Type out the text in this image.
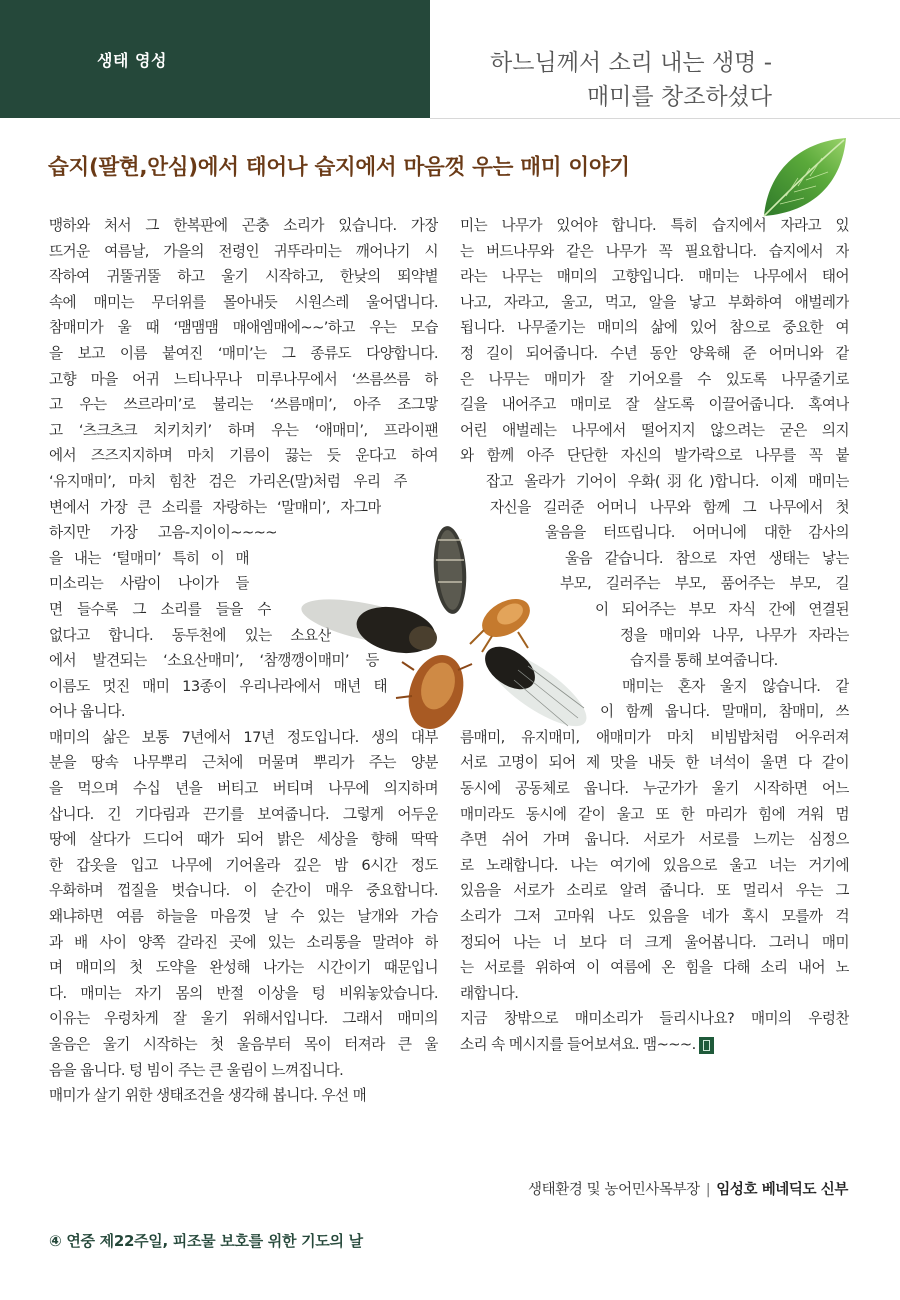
생태 영성	하느님께서 소리 내는 생명 -
매미를 창조하셨다
습지(팔현,안심)에서 태어나 습지에서 마음껏 우는 매미 이야기
맹하와 처서 그 한복판에 곤충 소리가 있습니다. 가장
뜨거운 여름날, 가을의 전령인 귀뚜라미는 깨어나기 시
작하여 귀뚤귀뚤 하고 울기 시작하고, 한낮의 뙤약볕
속에 매미는 무더위를 몰아내듯 시원스레 울어댑니다.
참매미가 울 때 ‘맴맴맴 매애엠매에~~’하고 우는 모습
을 보고 이름 붙여진 ‘매미’는 그 종류도 다양합니다.
고향 마을 어귀 느티나무나 미루나무에서 ‘쓰름쓰름 하
고 우는 쓰르라미’로 불리는 ‘쓰름매미’, 아주 조그맣
고 ‘츠크츠크 치키치키’ 하며 우는 ‘애매미’, 프라이팬
에서 즈즈지지하며 마치 기름이 끓는 듯 운다고 하여
‘유지매미’, 마치 힘찬 검은 가리온(말)처럼 우리 주
변에서 가장 큰 소리를 자랑하는 ‘말매미’, 자그마
하지만 가장 고음-지이이~~~~
을 내는 ‘털매미’ 특히 이 매
미소리는 사람이 나이가 들
면 들수록 그 소리를 들을 수
없다고 합니다. 동두천에 있는 소요산
에서 발견되는 ‘소요산매미’, ‘참깽깽이매미’ 등
이름도 멋진 매미 13종이 우리나라에서 매년 태
어나 웁니다.
매미의 삶은 보통 7년에서 17년 정도입니다. 생의 대부
분을 땅속 나무뿌리 근처에 머물며 뿌리가 주는 양분
을 먹으며 수십 년을 버티고 버티며 나무에 의지하며
삽니다. 긴 기다림과 끈기를 보여줍니다. 그렇게 어두운
땅에 살다가 드디어 때가 되어 밝은 세상을 향해 딱딱
한 갑옷을 입고 나무에 기어올라 깊은 밤 6시간 정도
우화하며 껍질을 벗습니다. 이 순간이 매우 중요합니다.
왜냐하면 여름 하늘을 마음껏 날 수 있는 날개와 가슴
과 배 사이 양쪽 갈라진 곳에 있는 소리통을 말려야 하
며 매미의 첫 도약을 완성해 나가는 시간이기 때문입니
다. 매미는 자기 몸의 반절 이상을 텅 비워놓았습니다.
이유는 우렁차게 잘 울기 위해서입니다. 그래서 매미의
울음은 울기 시작하는 첫 울음부터 목이 터져라 큰 울
음을 웁니다. 텅 빔이 주는 큰 울림이 느껴집니다.
매미가 살기 위한 생태조건을 생각해 봅니다. 우선 매
미는 나무가 있어야 합니다. 특히 습지에서 자라고 있
는 버드나무와 같은 나무가 꼭 필요합니다. 습지에서 자
라는 나무는 매미의 고향입니다. 매미는 나무에서 태어
나고, 자라고, 울고, 먹고, 알을 낳고 부화하여 애벌레가
됩니다. 나무줄기는 매미의 삶에 있어 참으로 중요한 여
정 길이 되어줍니다. 수년 동안 양육해 준 어머니와 같
은 나무는 매미가 잘 기어오를 수 있도록 나무줄기로
길을 내어주고 매미로 잘 살도록 이끌어줍니다. 혹여나
어린 애벌레는 나무에서 떨어지지 않으려는 굳은 의지
와 함께 아주 단단한 자신의 발가락으로 나무를 꼭 붙
잡고 올라가 기어이 우화(羽化)합니다. 이제 매미는
자신을 길러준 어머니 나무와 함께 그 나무에서 첫
울음을 터뜨립니다. 어머니에 대한 감사의
울음 같습니다. 참으로 자연 생태는 낳는
부모, 길러주는 부모, 품어주는 부모, 길
이 되어주는 부모 자식 간에 연결된
정을 매미와 나무, 나무가 자라는
습지를 통해 보여줍니다.
매미는 혼자 울지 않습니다. 같
이 함께 웁니다. 말매미, 참매미, 쓰
름매미, 유지매미, 애매미가 마치 비빔밥처럼 어우러져
서로 고명이 되어 제 맛을 내듯 한 녀석이 울면 다 같이
동시에 공동체로 웁니다. 누군가가 울기 시작하면 어느
매미라도 동시에 같이 울고 또 한 마리가 힘에 겨워 멈
추면 쉬어 가며 웁니다. 서로가 서로를 느끼는 심정으
로 노래합니다. 나는 여기에 있음으로 울고 너는 거기에
있음을 서로가 소리로 알려 줍니다. 또 멀리서 우는 그
소리가 그저 고마워 나도 있음을 네가 혹시 모를까 걱
정되어 나는 너 보다 더 크게 울어봅니다. 그러니 매미
는 서로를 위하여 이 여름에 온 힘을 다해 소리 내어 노
래합니다.
지금 창밖으로 매미소리가 들리시나요? 매미의 우렁찬
소리 속 메시지를 들어보셔요. 맴~~~.
생태환경 및 농어민사목부장 | 임성호 베네딕도 신부
④ 연중 제22주일, 피조물 보호를 위한 기도의 날
